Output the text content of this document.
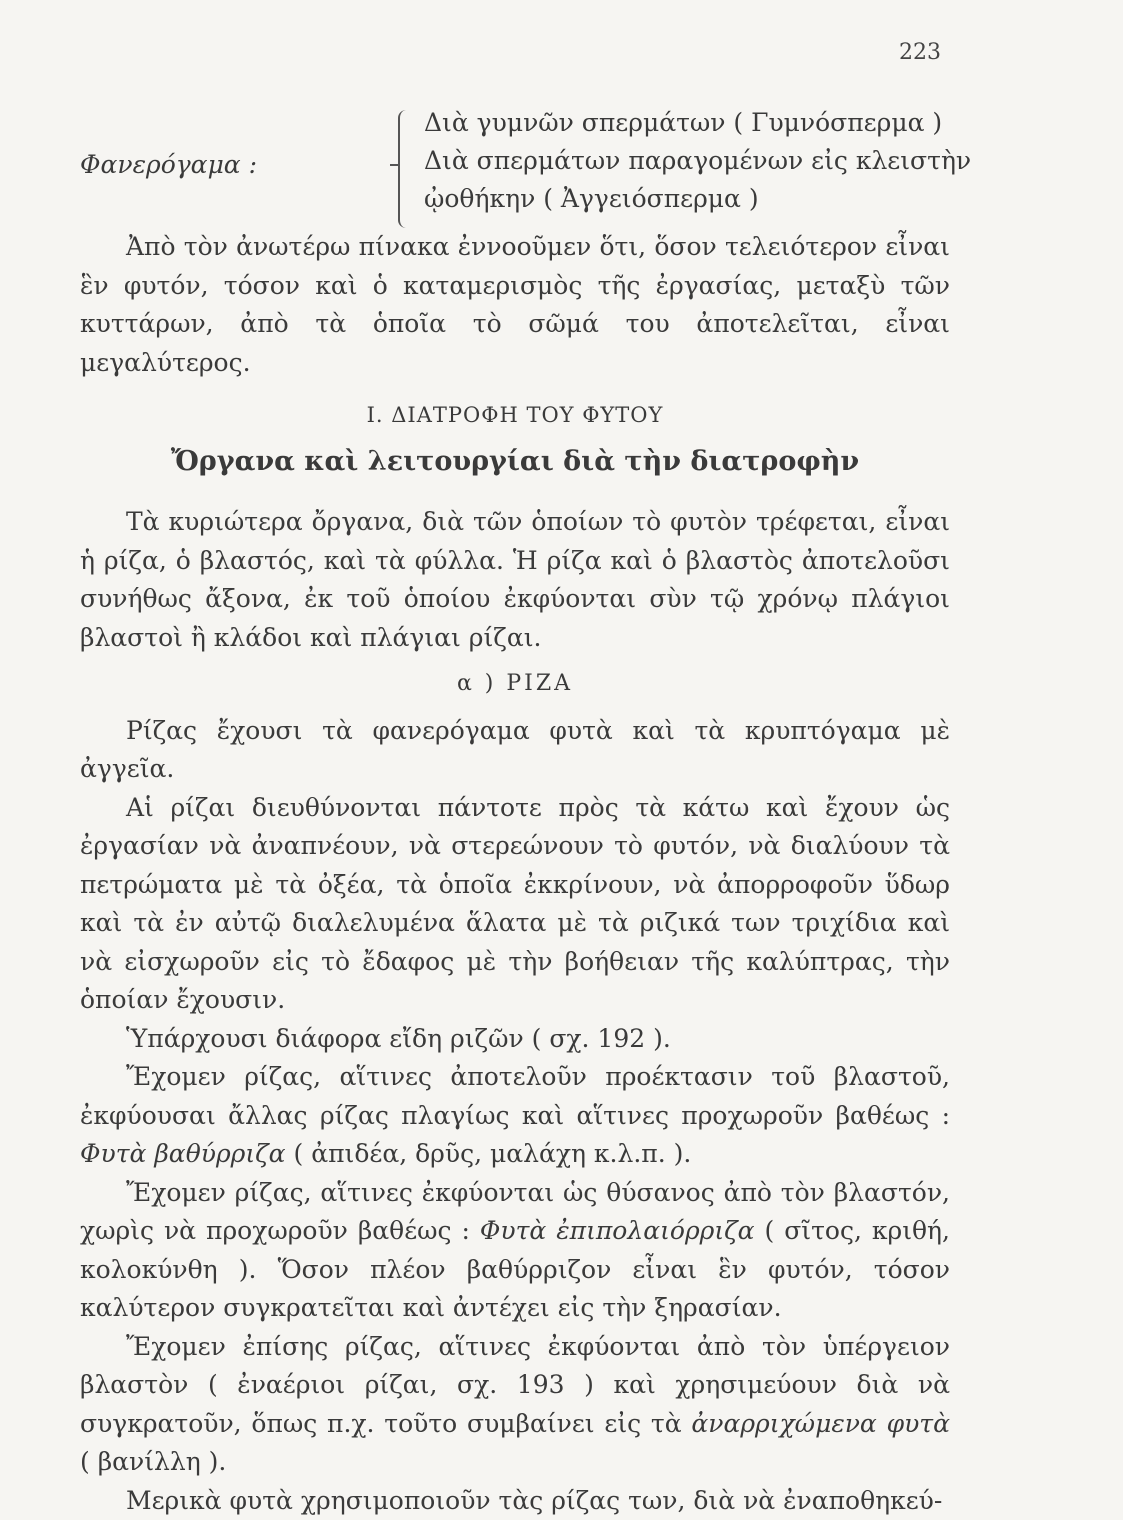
223
Φανερόγαμα :
Διὰ γυμνῶν σπερμάτων ( Γυμνόσπερμα )
Διὰ σπερμάτων παραγομένων εἰς κλειστὴν
ᾠοθήκην ( Ἀγγειόσπερμα )

Ἀπὸ τὸν ἀνωτέρω πίνακα ἐννοοῦμεν ὅτι, ὅσον τελειότερον εἶναι ἓν φυτόν, τόσον καὶ ὁ καταμερισμὸς τῆς ἐργασίας, μεταξὺ τῶν κυττάρων, ἀπὸ τὰ ὁποῖα τὸ σῶμά του ἀποτελεῖται, εἶναι μεγαλύτερος.

Ι. ΔΙΑΤΡΟΦΗ ΤΟΥ ΦΥΤΟΥ
Ὄργανα καὶ λειτουργίαι διὰ τὴν διατροφὴν

Τὰ κυριώτερα ὄργανα, διὰ τῶν ὁποίων τὸ φυτὸν τρέφεται, εἶναι ἡ ρίζα, ὁ βλαστός, καὶ τὰ φύλλα. Ἡ ρίζα καὶ ὁ βλαστὸς ἀποτελοῦσι συνήθως ἄξονα, ἐκ τοῦ ὁποίου ἐκφύονται σὺν τῷ χρόνῳ πλάγιοι βλαστοὶ ἢ κλάδοι καὶ πλάγιαι ρίζαι.

α ) ΡΙΖΑ

Ρίζας ἔχουσι τὰ φανερόγαμα φυτὰ καὶ τὰ κρυπτόγαμα μὲ ἀγγεῖα.

Αἱ ρίζαι διευθύνονται πάντοτε πρὸς τὰ κάτω καὶ ἔχουν ὡς ἐργασίαν νὰ ἀναπνέουν, νὰ στερεώνουν τὸ φυτόν, νὰ διαλύουν τὰ πετρώματα μὲ τὰ ὀξέα, τὰ ὁποῖα ἐκκρίνουν, νὰ ἀπορροφοῦν ὕδωρ καὶ τὰ ἐν αὐτῷ διαλελυμένα ἅλατα μὲ τὰ ριζικά των τριχίδια καὶ νὰ εἰσχωροῦν εἰς τὸ ἔδαφος μὲ τὴν βοήθειαν τῆς καλύπτρας, τὴν ὁποίαν ἔχουσιν.

Ὑπάρχουσι διάφορα εἴδη ριζῶν ( σχ. 192 ).

Ἔχομεν ρίζας, αἵτινες ἀποτελοῦν προέκτασιν τοῦ βλαστοῦ, ἐκφύουσαι ἄλλας ρίζας πλαγίως καὶ αἵτινες προχωροῦν βαθέως : Φυτὰ βαθύρριζα ( ἀπιδέα, δρῦς, μαλάχη κ.λ.π. ).

Ἔχομεν ρίζας, αἵτινες ἐκφύονται ὡς θύσανος ἀπὸ τὸν βλαστόν, χωρὶς νὰ προχωροῦν βαθέως : Φυτὰ ἐπιπολαιόρριζα ( σῖτος, κριθή, κολοκύνθη ). Ὅσον πλέον βαθύρριζον εἶναι ἓν φυτόν, τόσον καλύτερον συγκρατεῖται καὶ ἀντέχει εἰς τὴν ξηρασίαν.

Ἔχομεν ἐπίσης ρίζας, αἵτινες ἐκφύονται ἀπὸ τὸν ὑπέργειον βλαστὸν ( ἐναέριοι ρίζαι, σχ. 193 ) καὶ χρησιμεύουν διὰ νὰ συγκρατοῦν, ὅπως π.χ. τοῦτο συμβαίνει εἰς τὰ ἀναρριχώμενα φυτὰ ( βανίλλη ).

Μερικὰ φυτὰ χρησιμοποιοῦν τὰς ρίζας των, διὰ νὰ ἐναποθηκεύ-
